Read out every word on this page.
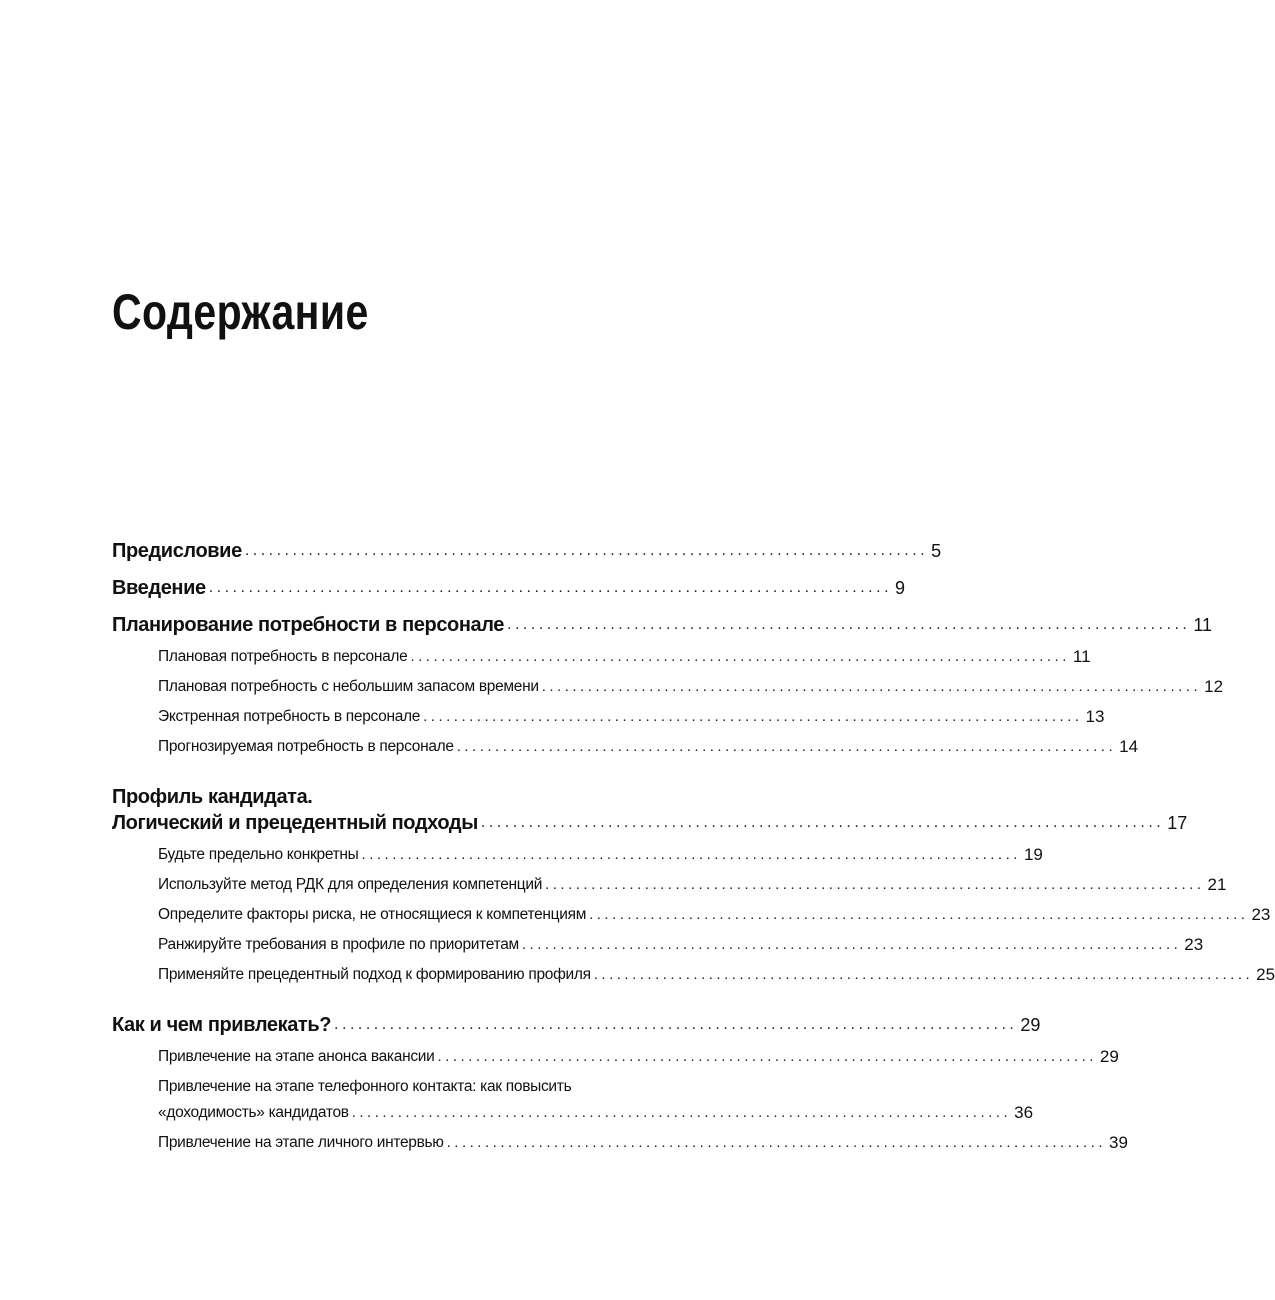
Содержание
Предисловие ...................................................................................... 5
Введение ...................................................................................... 9
Планирование потребности в персонале ...................................................................................... 11
Плановая потребность в персонале ...................................................................................... 11
Плановая потребность с небольшим запасом времени ...................................................................................... 12
Экстренная потребность в персонале ...................................................................................... 13
Прогнозируемая потребность в персонале ...................................................................................... 14
Профиль кандидата.
Логический и прецедентный подходы ...................................................................................... 17
Будьте предельно конкретны ...................................................................................... 19
Используйте метод РДК для определения компетенций ...................................................................................... 21
Определите факторы риска, не относящиеся к компетенциям ...................................................................................... 23
Ранжируйте требования в профиле по приоритетам ...................................................................................... 23
Применяйте прецедентный подход к формированию профиля ...................................................................................... 25
Как и чем привлекать? ...................................................................................... 29
Привлечение на этапе анонса вакансии ...................................................................................... 29
Привлечение на этапе телефонного контакта: как повысить
«доходимость» кандидатов ...................................................................................... 36
Привлечение на этапе личного интервью ...................................................................................... 39
